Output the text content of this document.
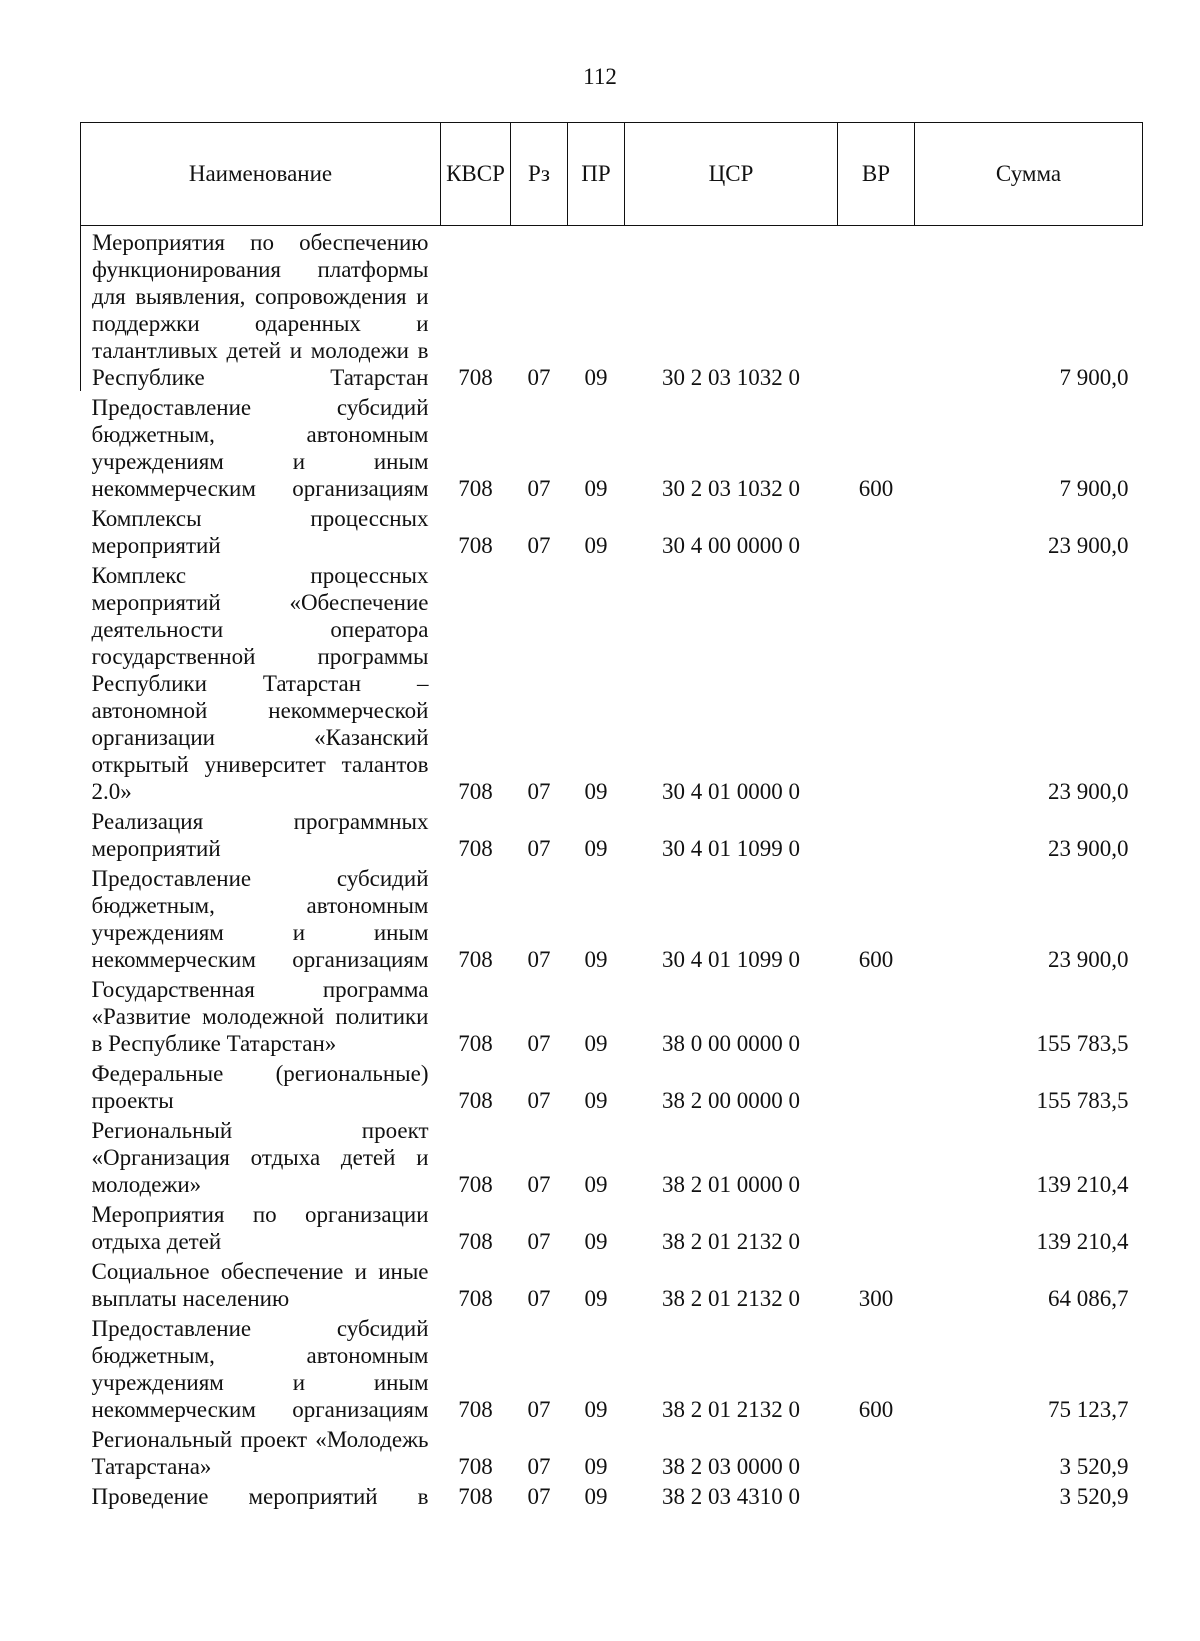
112
Наименование	КВСР	Рз	ПР	ЦСР	ВР	Сумма
Мероприятия по обеспечению функционирования платформы для выявления, сопровождения и поддержки одаренных и талантливых детей и молодежи в Республике Татарстан	708	07	09	30 2 03 1032 0		7 900,0
Предоставление субсидий бюджетным, автономным учреждениям и иным некоммерческим организациям	708	07	09	30 2 03 1032 0	600	7 900,0
Комплексы процессных мероприятий	708	07	09	30 4 00 0000 0		23 900,0
Комплекс процессных мероприятий «Обеспечение деятельности оператора государственной программы Республики Татарстан – автономной некоммерческой организации «Казанский открытый университет талантов 2.0»	708	07	09	30 4 01 0000 0		23 900,0
Реализация программных мероприятий	708	07	09	30 4 01 1099 0		23 900,0
Предоставление субсидий бюджетным, автономным учреждениям и иным некоммерческим организациям	708	07	09	30 4 01 1099 0	600	23 900,0
Государственная программа «Развитие молодежной политики в Республике Татарстан»	708	07	09	38 0 00 0000 0		155 783,5
Федеральные (региональные) проекты	708	07	09	38 2 00 0000 0		155 783,5
Региональный проект «Организация отдыха детей и молодежи»	708	07	09	38 2 01 0000 0		139 210,4
Мероприятия по организации отдыха детей	708	07	09	38 2 01 2132 0		139 210,4
Социальное обеспечение и иные выплаты населению	708	07	09	38 2 01 2132 0	300	64 086,7
Предоставление субсидий бюджетным, автономным учреждениям и иным некоммерческим организациям	708	07	09	38 2 01 2132 0	600	75 123,7
Региональный проект «Молодежь Татарстана»	708	07	09	38 2 03 0000 0		3 520,9
Проведение мероприятий в	708	07	09	38 2 03 4310 0		3 520,9
